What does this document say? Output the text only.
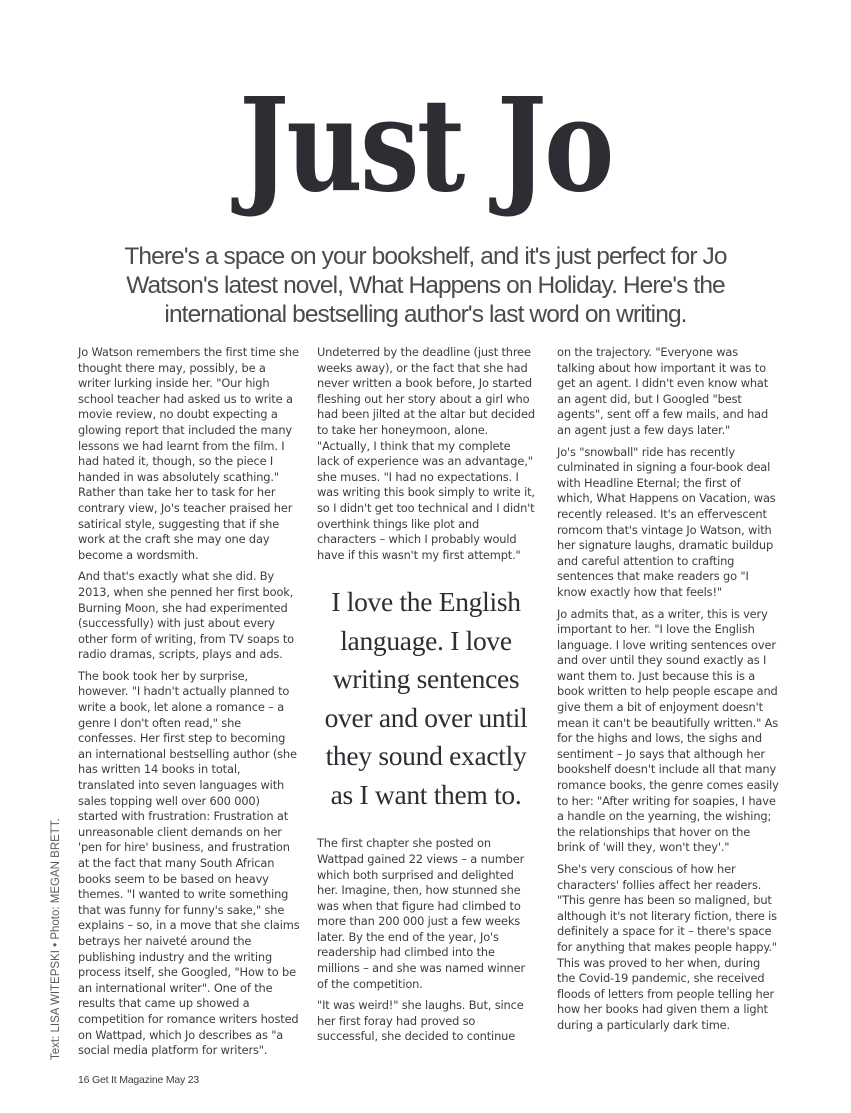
Just Jo

There's a space on your bookshelf, and it's just perfect for Jo Watson's latest novel, What Happens on Holiday. Here's the international bestselling author's last word on writing.

Jo Watson remembers the first time she thought there may, possibly, be a writer lurking inside her. "Our high school teacher had asked us to write a movie review, no doubt expecting a glowing report that included the many lessons we had learnt from the film. I had hated it, though, so the piece I handed in was absolutely scathing." Rather than take her to task for her contrary view, Jo's teacher praised her satirical style, suggesting that if she work at the craft she may one day become a wordsmith.

And that's exactly what she did. By 2013, when she penned her first book, Burning Moon, she had experimented (successfully) with just about every other form of writing, from TV soaps to radio dramas, scripts, plays and ads.

The book took her by surprise, however. "I hadn't actually planned to write a book, let alone a romance – a genre I don't often read," she confesses. Her first step to becoming an international bestselling author (she has written 14 books in total, translated into seven languages with sales topping well over 600 000) started with frustration: Frustration at unreasonable client demands on her 'pen for hire' business, and frustration at the fact that many South African books seem to be based on heavy themes. "I wanted to write something that was funny for funny's sake," she explains – so, in a move that she claims betrays her naiveté around the publishing industry and the writing process itself, she Googled, "How to be an international writer". One of the results that came up showed a competition for romance writers hosted on Wattpad, which Jo describes as "a social media platform for writers".

Undeterred by the deadline (just three weeks away), or the fact that she had never written a book before, Jo started fleshing out her story about a girl who had been jilted at the altar but decided to take her honeymoon, alone. "Actually, I think that my complete lack of experience was an advantage," she muses. "I had no expectations. I was writing this book simply to write it, so I didn't get too technical and I didn't overthink things like plot and characters – which I probably would have if this wasn't my first attempt."

I love the English language. I love writing sentences over and over until they sound exactly as I want them to.

The first chapter she posted on Wattpad gained 22 views – a number which both surprised and delighted her. Imagine, then, how stunned she was when that figure had climbed to more than 200 000 just a few weeks later. By the end of the year, Jo's readership had climbed into the millions – and she was named winner of the competition.

"It was weird!" she laughs. But, since her first foray had proved so successful, she decided to continue

on the trajectory. "Everyone was talking about how important it was to get an agent. I didn't even know what an agent did, but I Googled "best agents", sent off a few mails, and had an agent just a few days later."

Jo's "snowball" ride has recently culminated in signing a four-book deal with Headline Eternal; the first of which, What Happens on Vacation, was recently released. It's an effervescent romcom that's vintage Jo Watson, with her signature laughs, dramatic buildup and careful attention to crafting sentences that make readers go "I know exactly how that feels!"

Jo admits that, as a writer, this is very important to her. "I love the English language. I love writing sentences over and over until they sound exactly as I want them to. Just because this is a book written to help people escape and give them a bit of enjoyment doesn't mean it can't be beautifully written." As for the highs and lows, the sighs and sentiment – Jo says that although her bookshelf doesn't include all that many romance books, the genre comes easily to her: "After writing for soapies, I have a handle on the yearning, the wishing; the relationships that hover on the brink of 'will they, won't they'."

She's very conscious of how her characters' follies affect her readers. "This genre has been so maligned, but although it's not literary fiction, there is definitely a space for it – there's space for anything that makes people happy." This was proved to her when, during the Covid-19 pandemic, she received floods of letters from people telling her how her books had given them a light during a particularly dark time.

Text: LISA WITEPSKI • Photo: MEGAN BRETT.
16 Get It Magazine May 23
